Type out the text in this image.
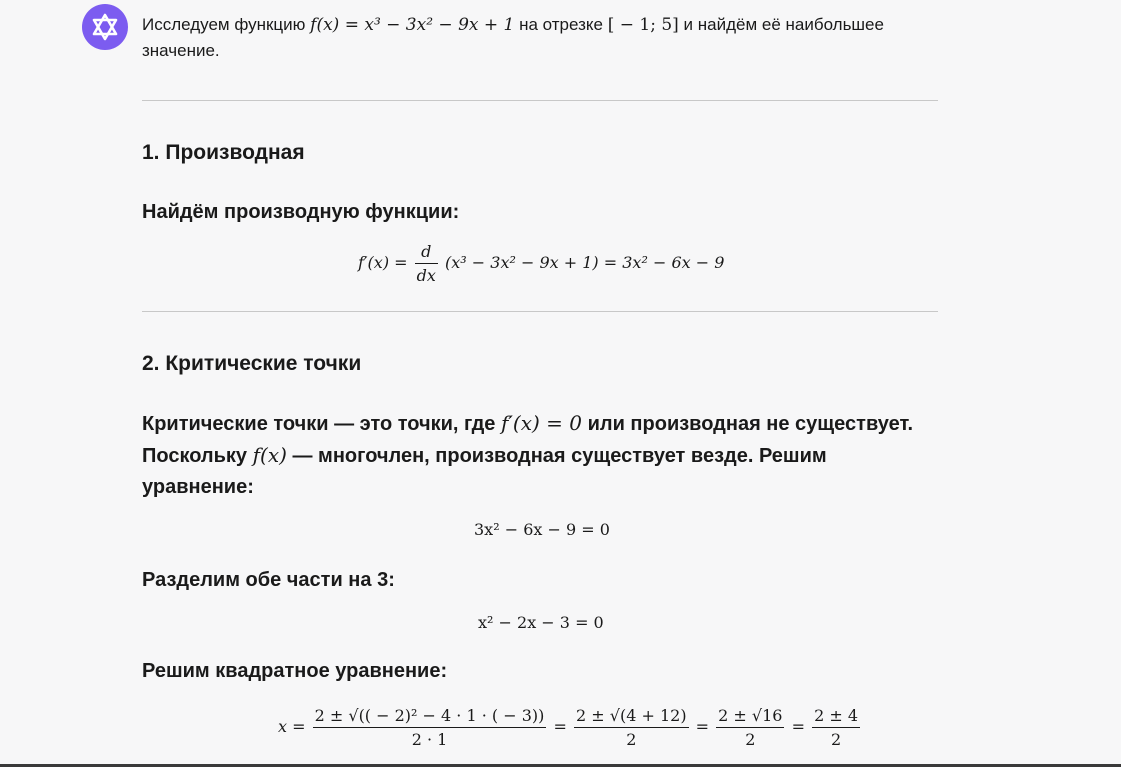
Исследуем функцию f(x) = x³ − 3x² − 9x + 1 на отрезке [ − 1; 5] и найдём её наибольшее значение.
1. Производная
Найдём производную функции:
$f'(x) = \frac{d}{dx} (x^3 - 3x^2 - 9x + 1) = 3x^2 - 6x - 9$
2. Критические точки
Критические точки — это точки, где f′(x) = 0 или производная не существует. Поскольку f(x) — многочлен, производная существует везде. Решим уравнение:
3x² − 6x − 9 = 0
Разделим обе части на 3:
x² − 2x − 3 = 0
Решим квадратное уравнение:
$x = \frac{\text{2 ± √(( − 2)² − 4 · 1 · ( − 3))}}{2 \cdot 1} = \frac{2 \pm √(4 + 12)}{2} = \frac{2 \pm √16}{2} = \frac{2 \pm 4}{2}$
